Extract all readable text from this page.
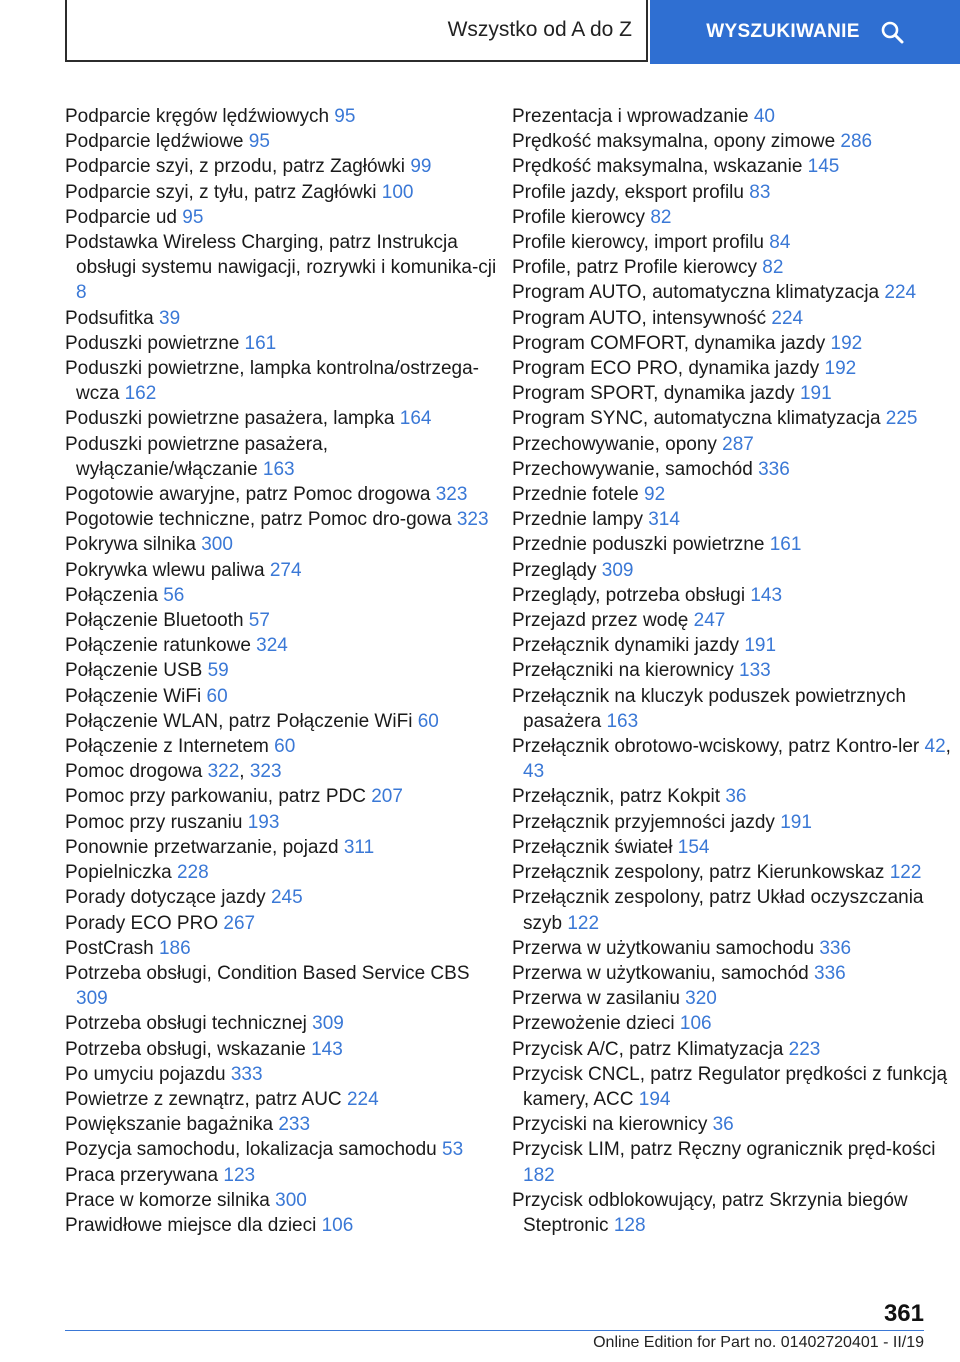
Wszystko od A do Z	WYSZUKIWANIE
Podparcie kręgów lędźwiowych 95
Podparcie lędźwiowe 95
Podparcie szyi, z przodu, patrz Zagłówki 99
Podparcie szyi, z tyłu, patrz Zagłówki 100
Podparcie ud 95
Podstawka Wireless Charging, patrz Instrukcja obsługi systemu nawigacji, rozrywki i komunika‐cji 8
Podsufitka 39
Poduszki powietrzne 161
Poduszki powietrzne, lampka kontrolna/ostrzega‐wcza 162
Poduszki powietrzne pasażera, lampka 164
Poduszki powietrzne pasażera, wyłączanie/włączanie 163
Pogotowie awaryjne, patrz Pomoc drogowa 323
Pogotowie techniczne, patrz Pomoc dro‐gowa 323
Pokrywa silnika 300
Pokrywka wlewu paliwa 274
Połączenia 56
Połączenie Bluetooth 57
Połączenie ratunkowe 324
Połączenie USB 59
Połączenie WiFi 60
Połączenie WLAN, patrz Połączenie WiFi 60
Połączenie z Internetem 60
Pomoc drogowa 322, 323
Pomoc przy parkowaniu, patrz PDC 207
Pomoc przy ruszaniu 193
Ponownie przetwarzanie, pojazd 311
Popielniczka 228
Porady dotyczące jazdy 245
Porady ECO PRO 267
PostCrash 186
Potrzeba obsługi, Condition Based Service CBS 309
Potrzeba obsługi technicznej 309
Potrzeba obsługi, wskazanie 143
Po umyciu pojazdu 333
Powietrze z zewnątrz, patrz AUC 224
Powiększanie bagażnika 233
Pozycja samochodu, lokalizacja samochodu 53
Praca przerywana 123
Prace w komorze silnika 300
Prawidłowe miejsce dla dzieci 106
Prezentacja i wprowadzanie 40
Prędkość maksymalna, opony zimowe 286
Prędkość maksymalna, wskazanie 145
Profile jazdy, eksport profilu 83
Profile kierowcy 82
Profile kierowcy, import profilu 84
Profile, patrz Profile kierowcy 82
Program AUTO, automatyczna klimatyzacja 224
Program AUTO, intensywność 224
Program COMFORT, dynamika jazdy 192
Program ECO PRO, dynamika jazdy 192
Program SPORT, dynamika jazdy 191
Program SYNC, automatyczna klimatyzacja 225
Przechowywanie, opony 287
Przechowywanie, samochód 336
Przednie fotele 92
Przednie lampy 314
Przednie poduszki powietrzne 161
Przeglądy 309
Przeglądy, potrzeba obsługi 143
Przejazd przez wodę 247
Przełącznik dynamiki jazdy 191
Przełączniki na kierownicy 133
Przełącznik na kluczyk poduszek powietrznych pasażera 163
Przełącznik obrotowo-wciskowy, patrz Kontro‐ler 42, 43
Przełącznik, patrz Kokpit 36
Przełącznik przyjemności jazdy 191
Przełącznik świateł 154
Przełącznik zespolony, patrz Kierunkowskaz 122
Przełącznik zespolony, patrz Układ oczyszczania szyb 122
Przerwa w użytkowaniu samochodu 336
Przerwa w użytkowaniu, samochód 336
Przerwa w zasilaniu 320
Przewożenie dzieci 106
Przycisk A/C, patrz Klimatyzacja 223
Przycisk CNCL, patrz Regulator prędkości z funkcją kamery, ACC 194
Przyciski na kierownicy 36
Przycisk LIM, patrz Ręczny ogranicznik pręd‐kości 182
Przycisk odblokowujący, patrz Skrzynia biegów Steptronic 128
361
Online Edition for Part no. 01402720401 - II/19
